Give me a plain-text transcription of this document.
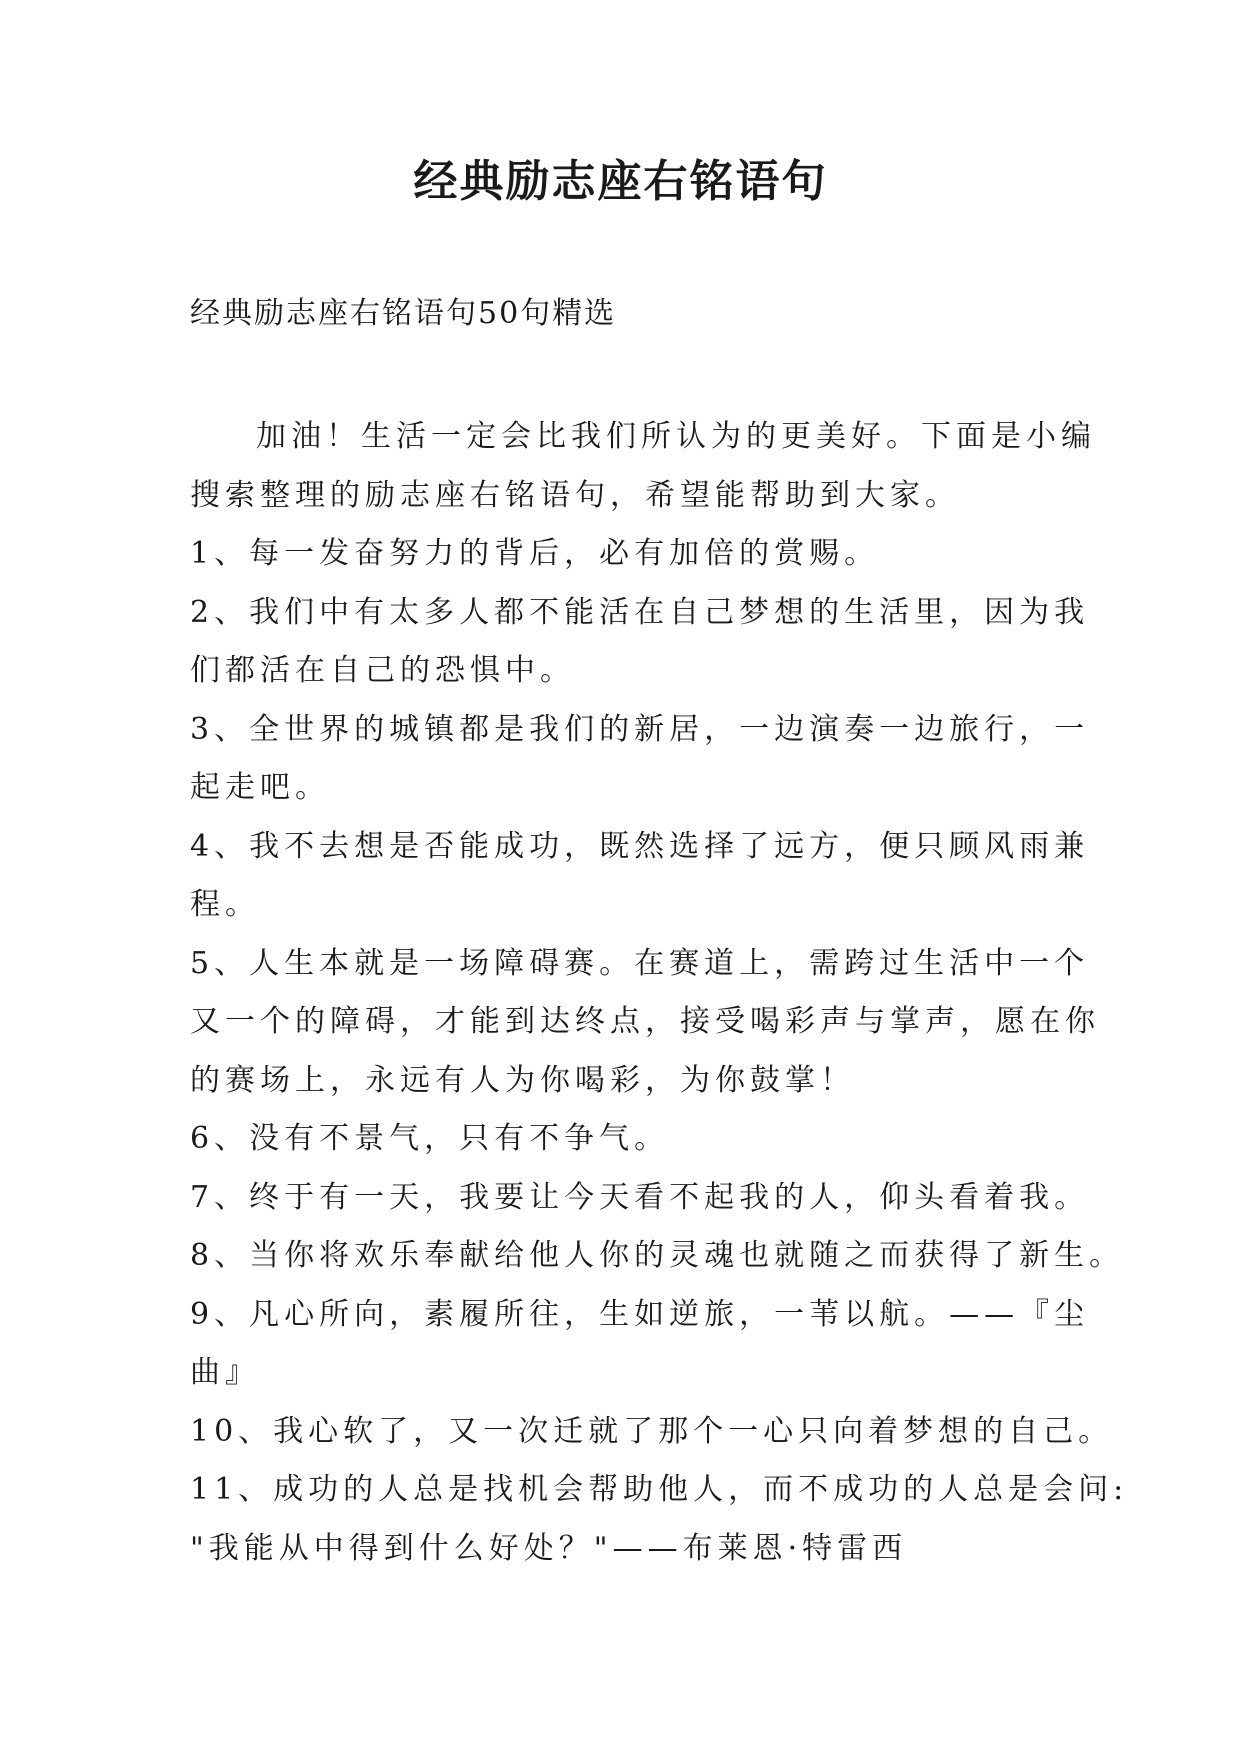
经典励志座右铭语句

经典励志座右铭语句50句精选

加油！生活一定会比我们所认为的更美好。下面是小编

搜索整理的励志座右铭语句，希望能帮助到大家。

1、每一发奋努力的背后，必有加倍的赏赐。

2、我们中有太多人都不能活在自己梦想的生活里，因为我

们都活在自己的恐惧中。

3、全世界的城镇都是我们的新居，一边演奏一边旅行，一

起走吧。

4、我不去想是否能成功，既然选择了远方，便只顾风雨兼

程。

5、人生本就是一场障碍赛。在赛道上，需跨过生活中一个

又一个的障碍，才能到达终点，接受喝彩声与掌声，愿在你

的赛场上，永远有人为你喝彩，为你鼓掌！

6、没有不景气，只有不争气。

7、终于有一天，我要让今天看不起我的人，仰头看着我。

8、当你将欢乐奉献给他人你的灵魂也就随之而获得了新生。

9、凡心所向，素履所往，生如逆旅，一苇以航。——『尘

曲』

10、我心软了，又一次迁就了那个一心只向着梦想的自己。

11、成功的人总是找机会帮助他人，而不成功的人总是会问:

"我能从中得到什么好处？"——布莱恩·特雷西
